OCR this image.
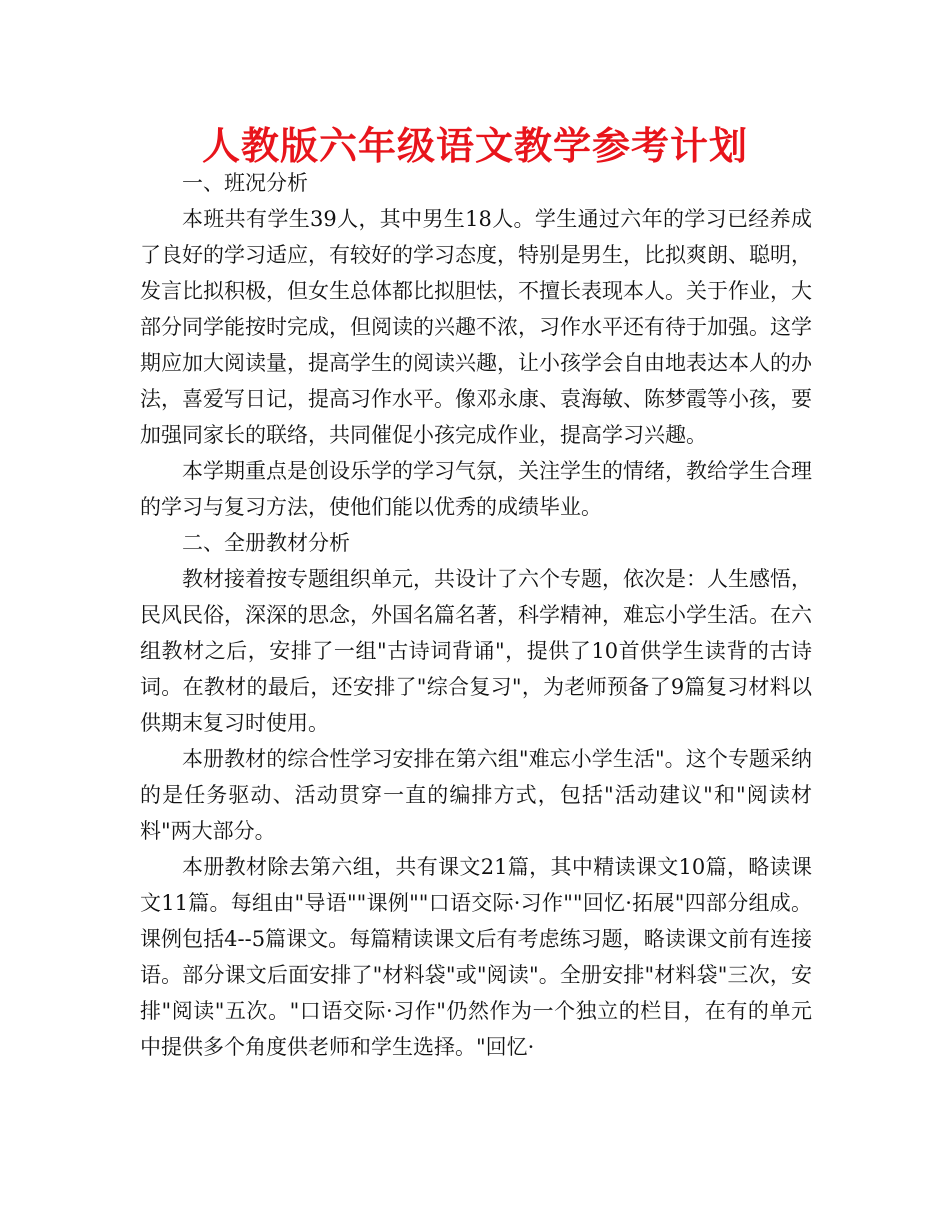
人教版六年级语文教学参考计划

一、班况分析

本班共有学生39人，其中男生18人。学生通过六年的学习已经养成了良好的学习适应，有较好的学习态度，特别是男生，比拟爽朗、聪明，发言比拟积极，但女生总体都比拟胆怯，不擅长表现本人。关于作业，大部分同学能按时完成，但阅读的兴趣不浓，习作水平还有待于加强。这学期应加大阅读量，提高学生的阅读兴趣，让小孩学会自由地表达本人的办法，喜爱写日记，提高习作水平。像邓永康、袁海敏、陈梦霞等小孩，要加强同家长的联络，共同催促小孩完成作业，提高学习兴趣。

本学期重点是创设乐学的学习气氛，关注学生的情绪，教给学生合理的学习与复习方法，使他们能以优秀的成绩毕业。

二、全册教材分析

教材接着按专题组织单元，共设计了六个专题，依次是：人生感悟，民风民俗，深深的思念，外国名篇名著，科学精神，难忘小学生活。在六组教材之后，安排了一组"古诗词背诵"，提供了10首供学生读背的古诗词。在教材的最后，还安排了"综合复习"，为老师预备了9篇复习材料以供期末复习时使用。

本册教材的综合性学习安排在第六组"难忘小学生活"。这个专题采纳的是任务驱动、活动贯穿一直的编排方式，包括"活动建议"和"阅读材料"两大部分。

本册教材除去第六组，共有课文21篇，其中精读课文10篇，略读课文11篇。每组由"导语""课例""口语交际·习作""回忆·拓展"四部分组成。课例包括4--5篇课文。每篇精读课文后有考虑练习题，略读课文前有连接语。部分课文后面安排了"材料袋"或"阅读"。全册安排"材料袋"三次，安排"阅读"五次。"口语交际·习作"仍然作为一个独立的栏目，在有的单元中提供多个角度供老师和学生选择。"回忆·
